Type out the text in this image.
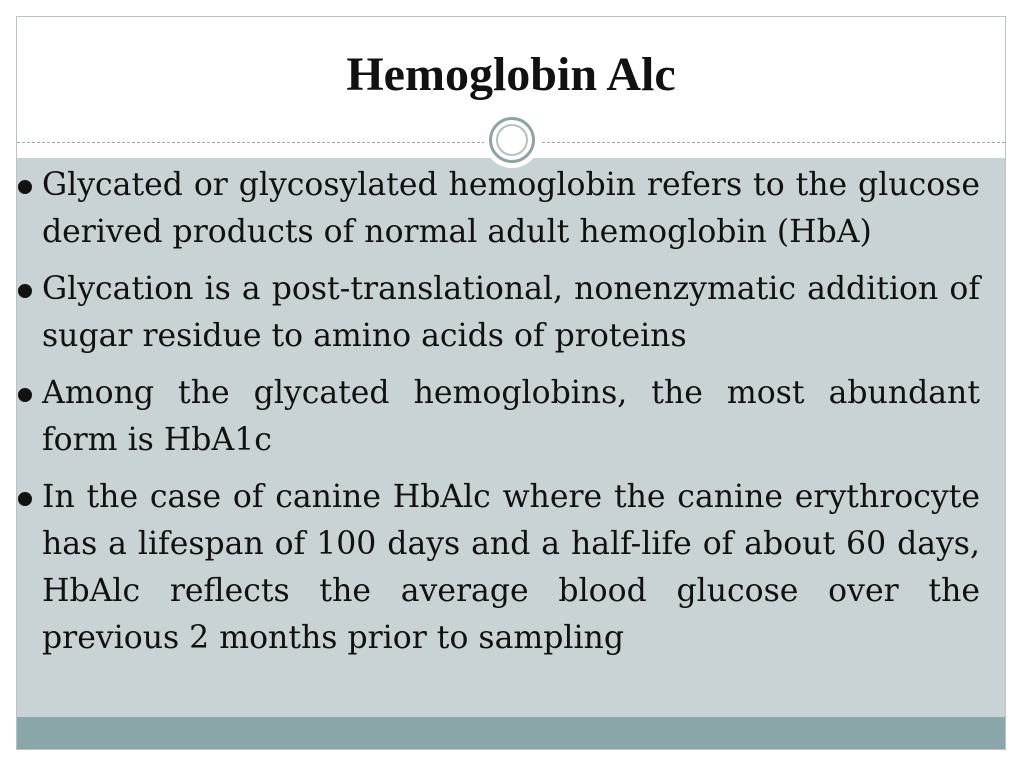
Hemoglobin Alc
Glycated or glycosylated hemoglobin refers to the glucose derived products of normal adult hemoglobin (HbA)
Glycation is a post-translational, nonenzymatic addition of sugar residue to amino acids of proteins
Among the glycated hemoglobins, the most abundant form is HbA1c
In the case of canine HbAlc where the canine erythrocyte has a lifespan of 100 days and a half-life of about 60 days, HbAlc reflects the average blood glucose over the previous 2 months prior to sampling
